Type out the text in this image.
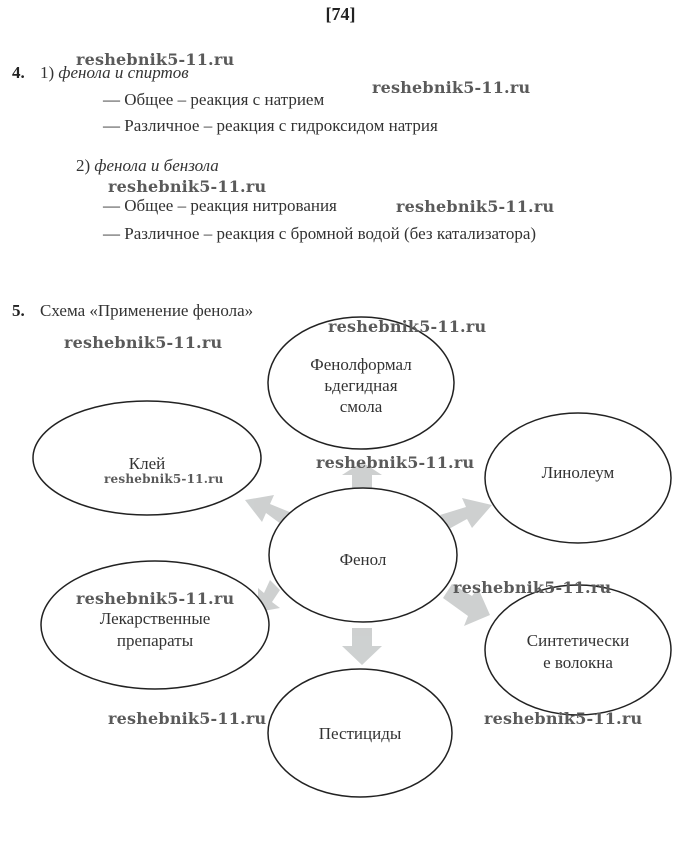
[74]
4. 1) фенола и спиртов
— Общее – реакция с натрием
— Различное – реакция с гидроксидом натрия
2) фенола и бензола
— Общее – реакция нитрования
— Различное – реакция с бромной водой (без катализатора)
5. Схема «Применение фенола»
Фенолформал
ьдегидная
смола
Клей	Линолеум
Фенол
Лекарственные
препараты	Синтетически
е волокна
Пестициды
reshebnik5-11.ru
reshebnik5-11.ru
reshebnik5-11.ru
reshebnik5-11.ru
reshebnik5-11.ru
reshebnik5-11.ru
reshebnik5-11.ru
reshebnik5-11.ru
reshebnik5-11.ru
reshebnik5-11.ru
reshebnik5-11.ru	reshebnik5-11.ru
